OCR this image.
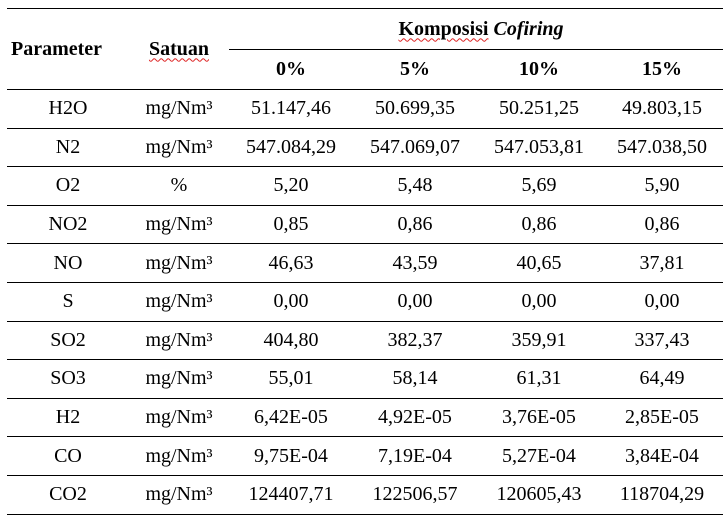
Parameter	Satuan	Komposisi Cofiring			
		0%	5%	10%	15%
H2O	mg/Nm³	51.147,46	50.699,35	50.251,25	49.803,15
N2	mg/Nm³	547.084,29	547.069,07	547.053,81	547.038,50
O2	%	5,20	5,48	5,69	5,90
NO2	mg/Nm³	0,85	0,86	0,86	0,86
NO	mg/Nm³	46,63	43,59	40,65	37,81
S	mg/Nm³	0,00	0,00	0,00	0,00
SO2	mg/Nm³	404,80	382,37	359,91	337,43
SO3	mg/Nm³	55,01	58,14	61,31	64,49
H2	mg/Nm³	6,42E-05	4,92E-05	3,76E-05	2,85E-05
CO	mg/Nm³	9,75E-04	7,19E-04	5,27E-04	3,84E-04
CO2	mg/Nm³	124407,71	122506,57	120605,43	118704,29
